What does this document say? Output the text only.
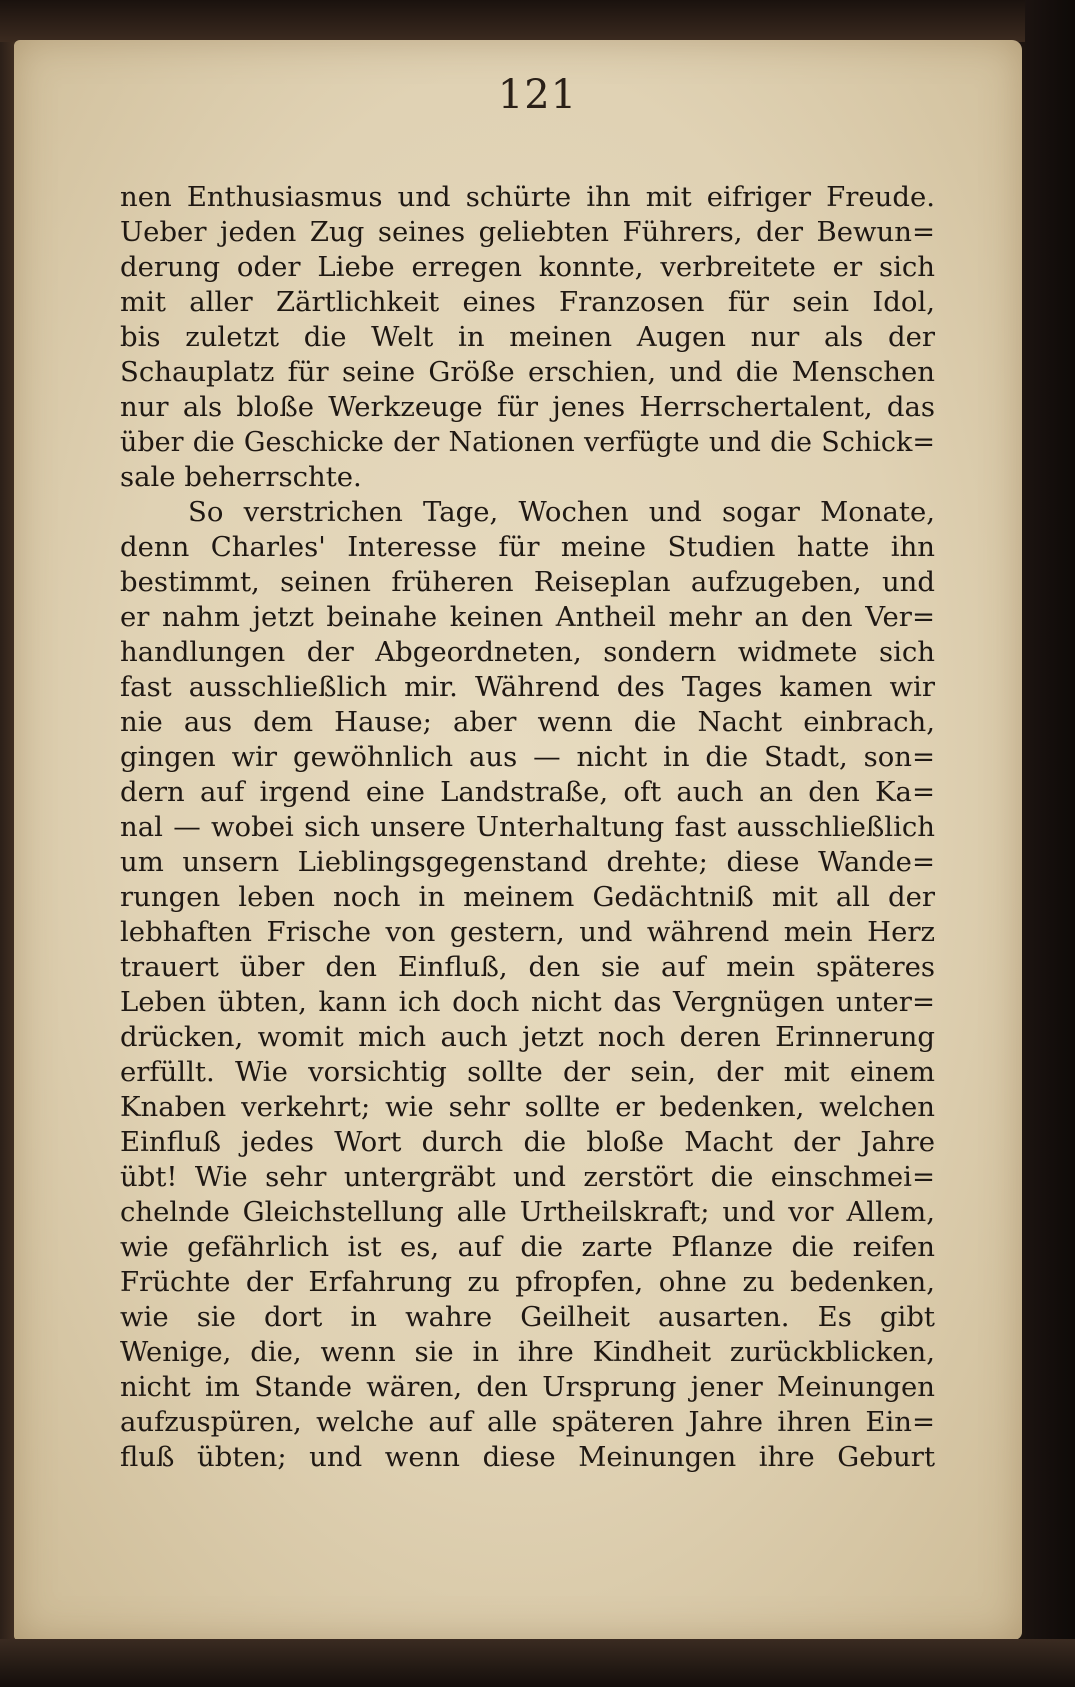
121
nen Enthusiasmus und schürte ihn mit eifriger Freude.
Ueber jeden Zug seines geliebten Führers, der Bewun=
derung oder Liebe erregen konnte, verbreitete er sich
mit aller Zärtlichkeit eines Franzosen für sein Idol,
bis zuletzt die Welt in meinen Augen nur als der
Schauplatz für seine Größe erschien, und die Menschen
nur als bloße Werkzeuge für jenes Herrschertalent, das
über die Geschicke der Nationen verfügte und die Schick=
sale beherrschte.
So verstrichen Tage, Wochen und sogar Monate,
denn Charles' Interesse für meine Studien hatte ihn
bestimmt, seinen früheren Reiseplan aufzugeben, und
er nahm jetzt beinahe keinen Antheil mehr an den Ver=
handlungen der Abgeordneten, sondern widmete sich
fast ausschließlich mir. Während des Tages kamen wir
nie aus dem Hause; aber wenn die Nacht einbrach,
gingen wir gewöhnlich aus — nicht in die Stadt, son=
dern auf irgend eine Landstraße, oft auch an den Ka=
nal — wobei sich unsere Unterhaltung fast ausschließlich
um unsern Lieblingsgegenstand drehte; diese Wande=
rungen leben noch in meinem Gedächtniß mit all der
lebhaften Frische von gestern, und während mein Herz
trauert über den Einfluß, den sie auf mein späteres
Leben übten, kann ich doch nicht das Vergnügen unter=
drücken, womit mich auch jetzt noch deren Erinnerung
erfüllt. Wie vorsichtig sollte der sein, der mit einem
Knaben verkehrt; wie sehr sollte er bedenken, welchen
Einfluß jedes Wort durch die bloße Macht der Jahre
übt! Wie sehr untergräbt und zerstört die einschmei=
chelnde Gleichstellung alle Urtheilskraft; und vor Allem,
wie gefährlich ist es, auf die zarte Pflanze die reifen
Früchte der Erfahrung zu pfropfen, ohne zu bedenken,
wie sie dort in wahre Geilheit ausarten. Es gibt
Wenige, die, wenn sie in ihre Kindheit zurückblicken,
nicht im Stande wären, den Ursprung jener Meinungen
aufzuspüren, welche auf alle späteren Jahre ihren Ein=
fluß übten; und wenn diese Meinungen ihre Geburt
